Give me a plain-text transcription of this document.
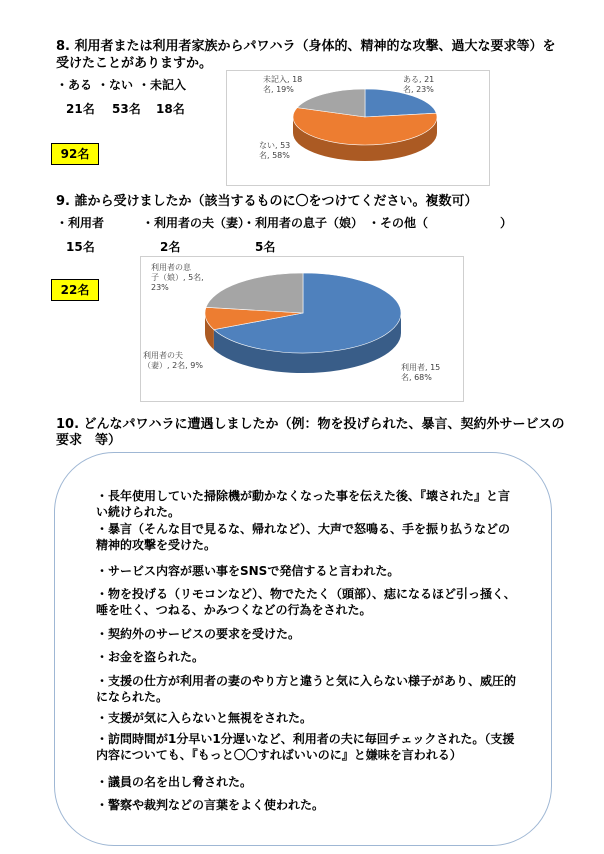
8. 利用者または利用者家族からパワハラ（身体的、精神的な攻撃、過大な要求等）を
受けたことがありますか。
・ある ・ない ・未記入
21名 53名 18名
92名
ある, 21
名, 23%
ない, 53
名, 58%
未記入, 18
名, 19%
9. 誰から受けましたか（該当するものに〇をつけてください。複数可）
・利用者	・利用者の夫（妻）
・利用者の息子（娘） ・その他（	）
15名	2名	5名
22名
利用者の息
子（娘）, 5名,
23%
利用者の夫
（妻）, 2名, 9%	利用者, 15
名, 68%
10. どんなパワハラに遭遇しましたか（例：物を投げられた、暴言、契約外サービスの
要求　等）
・長年使用していた掃除機が動かなくなった事を伝えた後、『壊された』と言い続けられた。
・暴言（そんな目で見るな、帰れなど）、大声で怒鳴る、手を振り払うなどの精神的攻撃を受けた。
・サービス内容が悪い事をSNSで発信すると言われた。
・物を投げる（リモコンなど）、物でたたく（頭部）、痣になるほど引っ掻く、唾を吐く、つねる、かみつくなどの行為をされた。
・契約外のサービスの要求を受けた。
・お金を盗られた。
・支援の仕方が利用者の妻のやり方と違うと気に入らない様子があり、威圧的になられた。
・支援が気に入らないと無視をされた。
・訪問時間が1分早い1分遅いなど、利用者の夫に毎回チェックされた。（支援内容についても、『もっと〇〇すればいいのに』と嫌味を言われる）
・議員の名を出し脅された。
・警察や裁判などの言葉をよく使われた。
